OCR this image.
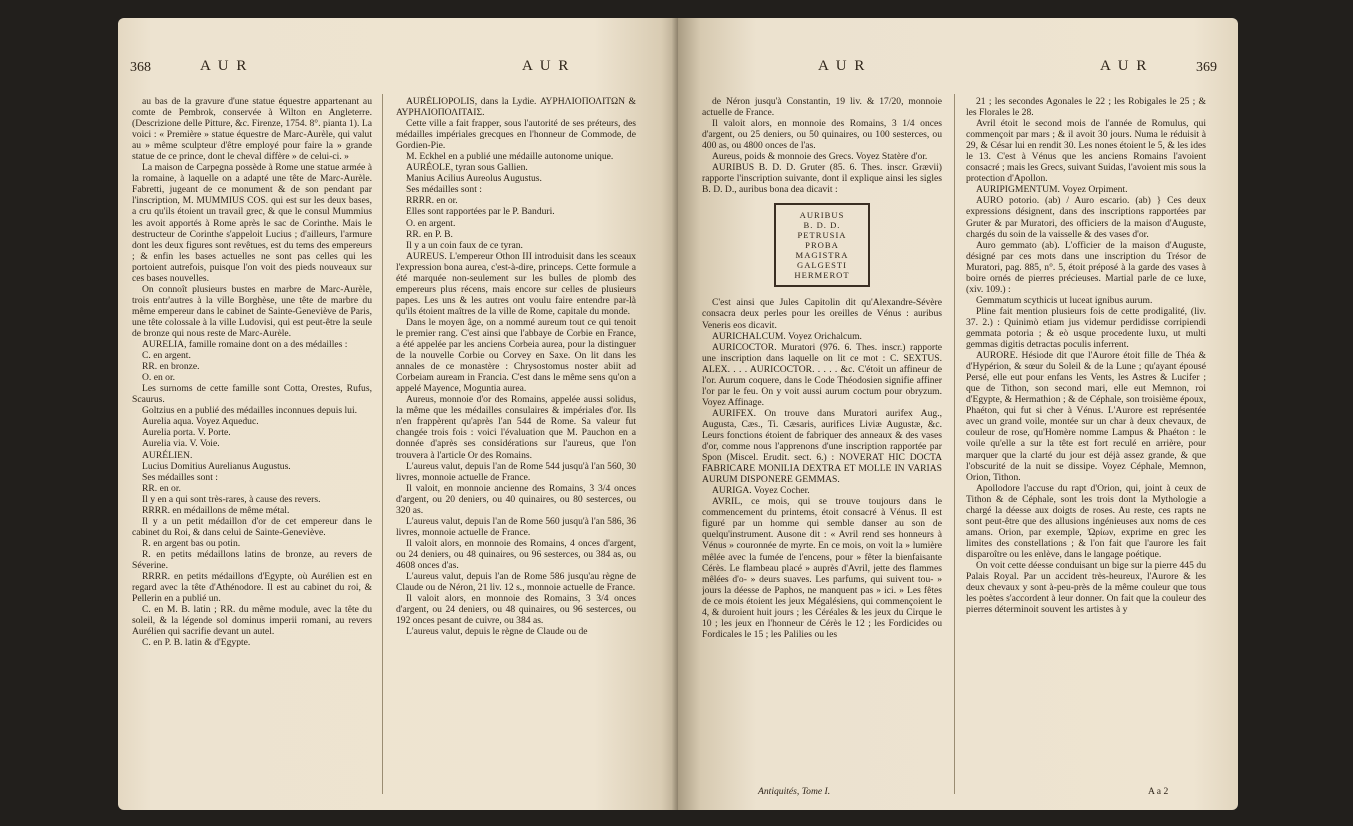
368	A U R	A U R

au bas de la gravure d'une statue équestre appartenant au comte de Pembrok, conservée à Wilton en Angleterre. (Descrizione delle Pitture, &c. Firenze, 1754. 8°. pianta 1). La voici : « Première » statue équestre de Marc-Aurèle, qui valut au » même sculpteur d'être employé pour faire la » grande statue de ce prince, dont le cheval diffère » de celui-ci. »

La maison de Carpegna possède à Rome une statue armée à la romaine, à laquelle on a adapté une tête de Marc-Aurèle. Fabretti, jugeant de ce monument & de son pendant par l'inscription, M. MUMMIUS COS. qui est sur les deux bases, a cru qu'ils étoient un travail grec, & que le consul Mummius les avoit apportés à Rome après le sac de Corinthe. Mais le destructeur de Corinthe s'appeloit Lucius ; d'ailleurs, l'armure dont les deux figures sont revêtues, est du tems des empereurs ; & enfin les bases actuelles ne sont pas celles qui les portoient autrefois, puisque l'on voit des pieds nouveaux sur ces bases nouvelles.

On connoît plusieurs bustes en marbre de Marc-Aurèle, trois entr'autres à la ville Borghèse, une tête de marbre du même empereur dans le cabinet de Sainte-Geneviève de Paris, une tête colossale à la ville Ludovisi, qui est peut-être la seule de bronze qui nous reste de Marc-Aurèle.

AURELIA, famille romaine dont on a des médailles :

C. en argent.

RR. en bronze.

O. en or.

Les surnoms de cette famille sont Cotta, Orestes, Rufus, Scaurus.

Goltzius en a publié des médailles inconnues depuis lui.

Aurelia aqua. Voyez Aqueduc.

Aurelia porta. V. Porte.

Aurelia via. V. Voie.

AURÉLIEN.

Lucius Domitius Aurelianus Augustus.

Ses médailles sont :

RR. en or.

Il y en a qui sont très-rares, à cause des revers.

RRRR. en médaillons de même métal.

Il y a un petit médaillon d'or de cet empereur dans le cabinet du Roi, & dans celui de Sainte-Geneviève.

R. en argent bas ou potin.

R. en petits médaillons latins de bronze, au revers de Séverine.

RRRR. en petits médaillons d'Egypte, où Aurélien est en regard avec la tête d'Athénodore. Il est au cabinet du roi, & Pellerin en a publié un.

C. en M. B. latin ; RR. du même module, avec la tête du soleil, & la légende sol dominus imperii romani, au revers Aurélien qui sacrifie devant un autel.

C. en P. B. latin & d'Egypte.

AURÉLIOPOLIS, dans la Lydie. ΑΥΡΗΛΙΟΠΟΛΙΤΩΝ & ΑΥΡΗΛΙΟΠΟΛΙΤΑΙΣ.

Cette ville a fait frapper, sous l'autorité de ses préteurs, des médailles impériales grecques en l'honneur de Commode, de Gordien-Pie.

M. Eckhel en a publié une médaille autonome unique.

AURÉOLE, tyran sous Gallien.

Manius Acilius Aureolus Augustus.

Ses médailles sont :

RRRR. en or.

Elles sont rapportées par le P. Banduri.

O. en argent.

RR. en P. B.

Il y a un coin faux de ce tyran.

AUREUS. L'empereur Othon III introduisit dans les sceaux l'expression bona aurea, c'est-à-dire, princeps. Cette formule a été marquée non-seulement sur les bulles de plomb des empereurs plus récens, mais encore sur celles de plusieurs papes. Les uns & les autres ont voulu faire entendre par-là qu'ils étoient maîtres de la ville de Rome, capitale du monde.

Dans le moyen âge, on a nommé aureum tout ce qui tenoit le premier rang. C'est ainsi que l'abbaye de Corbie en France, a été appelée par les anciens Corbeia aurea, pour la distinguer de la nouvelle Corbie ou Corvey en Saxe. On lit dans les annales de ce monastère : Chrysostomus noster abiit ad Corbeiam auream in Francia. C'est dans le même sens qu'on a appelé Mayence, Moguntia aurea.

Aureus, monnoie d'or des Romains, appelée aussi solidus, la même que les médailles consulaires & impériales d'or. Ils n'en frappèrent qu'après l'an 544 de Rome. Sa valeur fut changée trois fois : voici l'évaluation que M. Pauchon en a donnée d'après ses considérations sur l'aureus, que l'on trouvera à l'article Or des Romains.

L'aureus valut, depuis l'an de Rome 544 jusqu'à l'an 560, 30 livres, monnoie actuelle de France.

Il valoit, en monnoie ancienne des Romains, 3 3/4 onces d'argent, ou 20 deniers, ou 40 quinaires, ou 80 sesterces, ou 320 as.

L'aureus valut, depuis l'an de Rome 560 jusqu'à l'an 586, 36 livres, monnoie actuelle de France.

Il valoit alors, en monnoie des Romains, 4 onces d'argent, ou 24 deniers, ou 48 quinaires, ou 96 sesterces, ou 384 as, ou 4608 onces d'as.

L'aureus valut, depuis l'an de Rome 586 jusqu'au règne de Claude ou de Néron, 21 liv. 12 s., monnoie actuelle de France.

Il valoit alors, en monnoie des Romains, 3 3/4 onces d'argent, ou 24 deniers, ou 48 quinaires, ou 96 sesterces, ou 192 onces pesant de cuivre, ou 384 as.

L'aureus valut, depuis le règne de Claude ou de

A U R	A U R	369

de Néron jusqu'à Constantin, 19 liv. & 17/20, monnoie actuelle de France.

Il valoit alors, en monnoie des Romains, 3 1/4 onces d'argent, ou 25 deniers, ou 50 quinaires, ou 100 sesterces, ou 400 as, ou 4800 onces de l'as.

Aureus, poids & monnoie des Grecs. Voyez Statère d'or.

AURIBUS B. D. D. Gruter (85. 6. Thes. inscr. Grævii) rapporte l'inscription suivante, dont il explique ainsi les sigles B. D. D., auribus bona dea dicavit :

AURIBUS
B. D. D.
PETRUSIA
PROBA
MAGISTRA
GALGESTI
HERMEROT

C'est ainsi que Jules Capitolin dit qu'Alexandre-Sévère consacra deux perles pour les oreilles de Vénus : auribus Veneris eos dicavit.

AURICHALCUM. Voyez Orichalcum.

AURICOCTOR. Muratori (976. 6. Thes. inscr.) rapporte une inscription dans laquelle on lit ce mot : C. SEXTUS. ALEX. . . . AURICOCTOR. . . . . &c. C'étoit un affineur de l'or. Aurum coquere, dans le Code Théodosien signifie affiner l'or par le feu. On y voit aussi aurum coctum pour obryzum. Voyez Affinage.

AURIFEX. On trouve dans Muratori aurifex Aug., Augusta, Cæs., Ti. Cæsaris, aurifices Liviæ Augustæ, &c. Leurs fonctions étoient de fabriquer des anneaux & des vases d'or, comme nous l'apprenons d'une inscription rapportée par Spon (Miscel. Erudit. sect. 6.) : NOVERAT HIC DOCTA FABRICARE MONILIA DEXTRA ET MOLLE IN VARIAS AURUM DISPONERE GEMMAS.

AURIGA. Voyez Cocher.

AVRIL, ce mois, qui se trouve toujours dans le commencement du printems, étoit consacré à Vénus. Il est figuré par un homme qui semble danser au son de quelqu'instrument. Ausone dit : « Avril rend ses honneurs à Vénus » couronnée de myrte. En ce mois, on voit la » lumière mêlée avec la fumée de l'encens, pour » fêter la bienfaisante Cérès. Le flambeau placé » auprès d'Avril, jette des flammes mêlées d'o- » deurs suaves. Les parfums, qui suivent tou- » jours la déesse de Paphos, ne manquent pas » ici. » Les fêtes de ce mois étoient les jeux Mégalésiens, qui commençoient le 4, & duroient huit jours ; les Céréales & les jeux du Cirque le 10 ; les jeux en l'honneur de Cérès le 12 ; les Fordicides ou Fordicales le 15 ; les Palilies ou les

21 ; les secondes Agonales le 22 ; les Robigales le 25 ; & les Florales le 28.

Avril étoit le second mois de l'année de Romulus, qui commençoit par mars ; & il avoit 30 jours. Numa le réduisit à 29, & César lui en rendit 30. Les nones étoient le 5, & les ides le 13. C'est à Vénus que les anciens Romains l'avoient consacré ; mais les Grecs, suivant Suidas, l'avoient mis sous la protection d'Apollon.

AURIPIGMENTUM. Voyez Orpiment.

AURO potorio. (ab) / Auro escario. (ab) } Ces deux expressions désignent, dans des inscriptions rapportées par Gruter & par Muratori, des officiers de la maison d'Auguste, chargés du soin de la vaisselle & des vases d'or.

Auro gemmato (ab). L'officier de la maison d'Auguste, désigné par ces mots dans une inscription du Trésor de Muratori, pag. 885, n°. 5, étoit préposé à la garde des vases à boire ornés de pierres précieuses. Martial parle de ce luxe, (xiv. 109.) :

Gemmatum scythicis ut luceat ignibus aurum.

Pline fait mention plusieurs fois de cette prodigalité, (liv. 37. 2.) : Quinimò etiam jus videmur perdidisse corripiendi gemmata potoria ; & eò usque procedente luxu, ut multi gemmas digitis detractas poculis inferrent.

AURORE. Hésiode dit que l'Aurore étoit fille de Théa & d'Hypérion, & sœur du Soleil & de la Lune ; qu'ayant épousé Persé, elle eut pour enfans les Vents, les Astres & Lucifer ; que de Tithon, son second mari, elle eut Memnon, roi d'Egypte, & Hermathion ; & de Céphale, son troisième époux, Phaéton, qui fut si cher à Vénus. L'Aurore est représentée avec un grand voile, montée sur un char à deux chevaux, de couleur de rose, qu'Homère nomme Lampus & Phaéton : le voile qu'elle a sur la tête est fort reculé en arrière, pour marquer que la clarté du jour est déjà assez grande, & que l'obscurité de la nuit se dissipe. Voyez Céphale, Memnon, Orion, Tithon.

Apollodore l'accuse du rapt d'Orion, qui, joint à ceux de Tithon & de Céphale, sont les trois dont la Mythologie a chargé la déesse aux doigts de roses. Au reste, ces rapts ne sont peut-être que des allusions ingénieuses aux noms de ces amans. Orion, par exemple, Ὠρίων, exprime en grec les limites des constellations ; & l'on fait que l'aurore les fait disparoître ou les enlève, dans le langage poétique.

On voit cette déesse conduisant un bige sur la pierre 445 du Palais Royal. Par un accident très-heureux, l'Aurore & les deux chevaux y sont à-peu-près de la même couleur que tous les poètes s'accordent à leur donner. On fait que la couleur des pierres déterminoit souvent les artistes à y

Antiquités, Tome I.	A a 2
